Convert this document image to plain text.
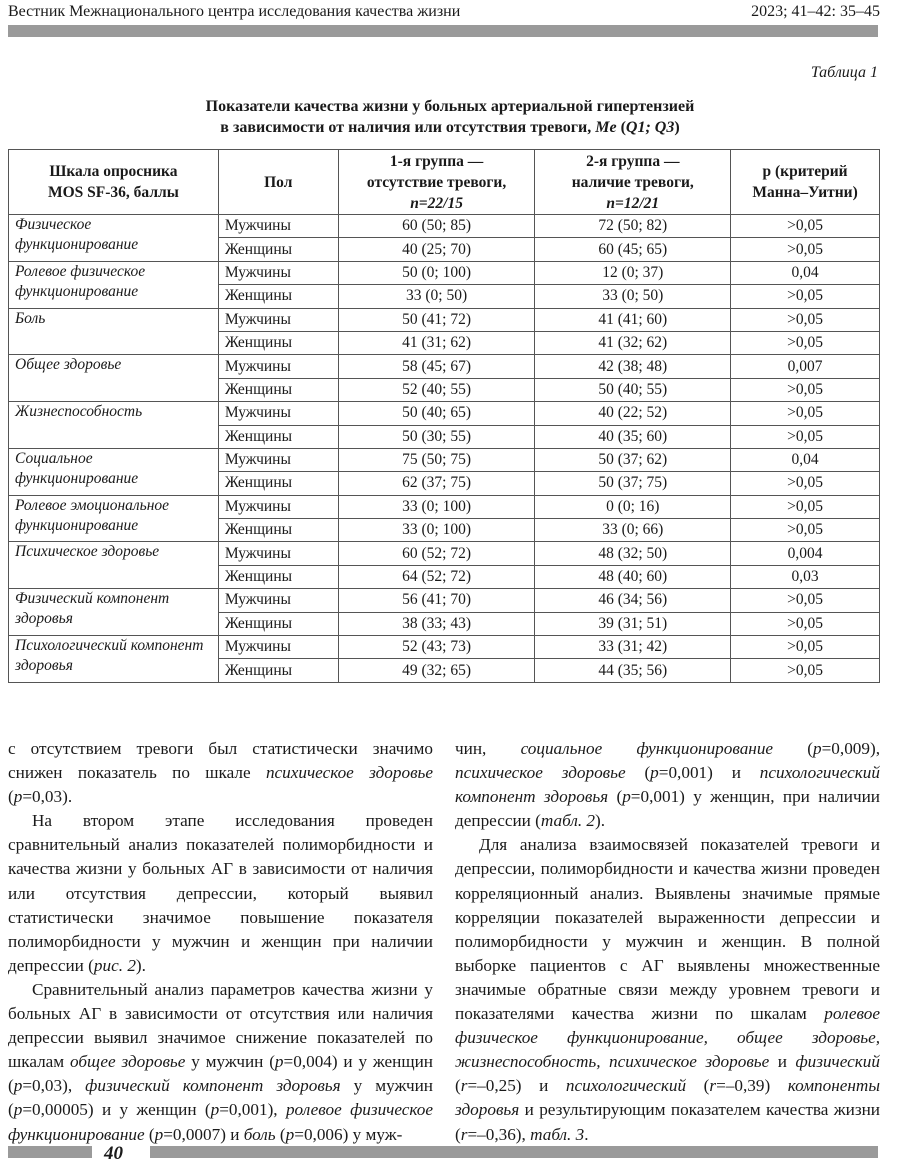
Вестник Межнационального центра исследования качества жизни	2023; 41–42: 35–45
Таблица 1
Показатели качества жизни у больных артериальной гипертензией
в зависимости от наличия или отсутствия тревоги, Me (Q1; Q3)
Шкала опросника
MOS SF-36, баллы	Пол	1-я группа —
отсутствие тревоги,
n=22/15	2-я группа —
наличие тревоги,
n=12/21	p (критерий
Манна–Уитни)
Физическое функционирование	Мужчины	60 (50; 85)	72 (50; 82)	>0,05
	Женщины	40 (25; 70)	60 (45; 65)	>0,05
Ролевое физическое функционирование	Мужчины	50 (0; 100)	12 (0; 37)	0,04
	Женщины	33 (0; 50)	33 (0; 50)	>0,05
Боль	Мужчины	50 (41; 72)	41 (41; 60)	>0,05
	Женщины	41 (31; 62)	41 (32; 62)	>0,05
Общее здоровье	Мужчины	58 (45; 67)	42 (38; 48)	0,007
	Женщины	52 (40; 55)	50 (40; 55)	>0,05
Жизнеспособность	Мужчины	50 (40; 65)	40 (22; 52)	>0,05
	Женщины	50 (30; 55)	40 (35; 60)	>0,05
Социальное функционирование	Мужчины	75 (50; 75)	50 (37; 62)	0,04
	Женщины	62 (37; 75)	50 (37; 75)	>0,05
Ролевое эмоциональное функционирование	Мужчины	33 (0; 100)	0 (0; 16)	>0,05
	Женщины	33 (0; 100)	33 (0; 66)	>0,05
Психическое здоровье	Мужчины	60 (52; 72)	48 (32; 50)	0,004
	Женщины	64 (52; 72)	48 (40; 60)	0,03
Физический компонент здоровья	Мужчины	56 (41; 70)	46 (34; 56)	>0,05
	Женщины	38 (33; 43)	39 (31; 51)	>0,05
Психологический компонент здоровья	Мужчины	52 (43; 73)	33 (31; 42)	>0,05
	Женщины	49 (32; 65)	44 (35; 56)	>0,05

с отсутствием тревоги был статистически значимо снижен показатель по шкале психическое здоровье (p=0,03).

На втором этапе исследования проведен сравнительный анализ показателей полиморбидности и качества жизни у больных АГ в зависимости от наличия или отсутствия депрессии, который выявил статистически значимое повышение показателя полиморбидности у мужчин и женщин при наличии депрессии (рис. 2).

Сравнительный анализ параметров качества жизни у больных АГ в зависимости от отсутствия или наличия депрессии выявил значимое снижение показателей по шкалам общее здоровье у мужчин (p=0,004) и у женщин (p=0,03), физический компонент здоровья у мужчин (p=0,00005) и у женщин (p=0,001), ролевое физическое функционирование (p=0,0007) и боль (p=0,006) у муж-

чин, социальное функционирование (p=0,009), психическое здоровье (p=0,001) и психологический компонент здоровья (p=0,001) у женщин, при наличии депрессии (табл. 2).

Для анализа взаимосвязей показателей тревоги и депрессии, полиморбидности и качества жизни проведен корреляционный анализ. Выявлены значимые прямые корреляции показателей выраженности депрессии и полиморбидности у мужчин и женщин. В полной выборке пациентов с АГ выявлены множественные значимые обратные связи между уровнем тревоги и показателями качества жизни по шкалам ролевое физическое функционирование, общее здоровье, жизнеспособность, психическое здоровье и физический (r=–0,25) и психологический (r=–0,39) компоненты здоровья и результирующим показателем качества жизни (r=–0,36), табл. 3.

40
